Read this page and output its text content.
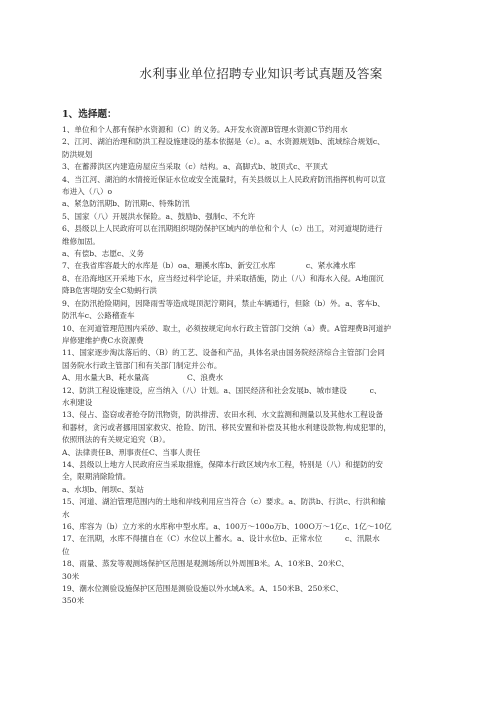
水利事业单位招聘专业知识考试真题及答案
1、选择题：

1、单位和个人都有保护水资源和（C）的义务。A开发水资源B管理水资源C节约用水

2、江河、湖泊治理和防洪工程设施建设的基本依据是（c）。a、水资源规划b、流域综合规划c、

防洪规划

3、在蓄滞洪区内建造房屋应当采取（c）结构。a、高脚式b、坡顶式c、平顶式

4、当江河、湖泊的水情接近保证水位或安全流量时，有关县级以上人民政府防汛指挥机构可以宣

布进入（八）o

a、紧急防汛期b、防汛期c、特殊防汛

5、国家（八）开展洪水保险。a、鼓励b、强制c、不允许

6、县级以上人民政府可以在汛期组织堤防保护区域内的单位和个人（c）出工，对河道堤防进行

维修加固。

a、有偿b、志愿c、义务

7、在我省库容最大的水库是（b）oa、珊溪水库b、新安江水库　　　　c、紧水滩水库

8、在沿海地区开采地下水，应当经过科学论证，并采取措施，防止（八）和海水入侵。A地面沉

降B危害堤防安全C劾蚂行洪

9、在防汛抢险期间，因降雨雪等造成堤顶泥泞期间，禁止车辆通行，但除（b）外。a、客车b、

防汛车c、公路稽查车

10、在河道管理范围内采砂、取土，必须按规定向水行政主管部门交纳（a）费。A管理费B河道护

岸修建维护费C水资源费

11、国家逐步淘汰落后的、（B）的工艺、设备和产品，具体名录由国务院经济综合主管部门会同

国务院水行政主管部门和有关部门制定并公布。

A、用水量大B、耗水量高　　　　　C、浪费水

12、防洪工程设施建设，应当纳入（八）计划。a、国民经济和社会发展b、城市建设　　　c、

水利建设

13、侵占、盗窃或者抢夺防汛物资，防洪排涝、农田水利、水文监测和测量以及其他水工程设备

和器材，贪污或者挪用国家救灾、抢险、防汛、移民安置和补偿及其他水利建设款物,构成犯罪的，

依照刑法的有关规定追究（B）。

A、法律责任B、刑事责任C、当事人责任

14、县级以上地方人民政府应当采取措施，保障本行政区域内水工程，特别是（八）和提防的安

全，限期消除险情。

a、水坝b、闸坝c、泵站

15、河道、湖泊管理范围内的土地和岸线利用应当符合（c）要求。a、防洪b、行洪c、行洪和输

水

16、库容为（b）立方米的水库称中型水库。a、100万～100o万b、100O万～1亿c、1亿～10亿

17、在汛期，水库不得擅自在（C）水位以上蓄水。a、设计水位b、正常水位　　　c、汛限水

位

18、雨量、蒸发等观测场保护区范围是观测场所以外周围B米。A、10米B、20米C、

30米

19、潮水位测验设施保护区范围是测验设施以外水域A米。A、150米B、250米C、

350米
